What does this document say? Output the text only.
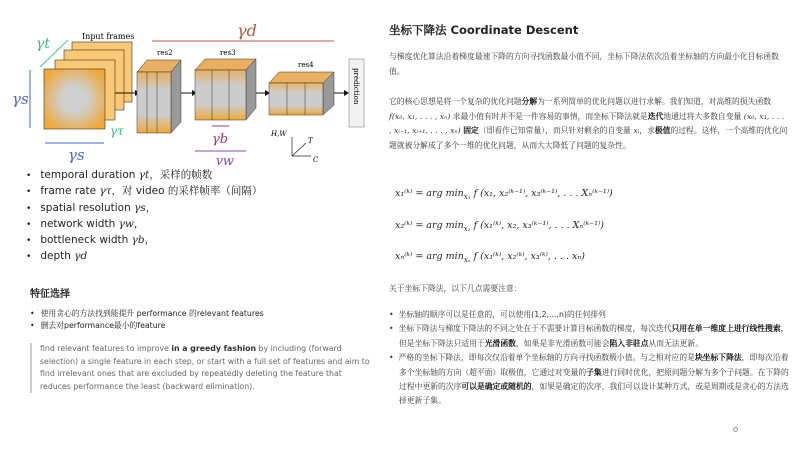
Input frames
γt
γs
γs
γτ
res2	res3
γb
γw
res4
prediction
γd
H,W
T
C
• temporal duration γt，采样的帧数
• frame rate γτ，对 video 的采样帧率（间隔）
• spatial resolution γs，
• network width γw，
• bottleneck width γb，
• depth γd
特征选择
• 使用贪心的方法找到能提升 performance 的relevant features
• 删去对performance最小的feature
find relevant features to improve in a greedy fashion by including (forward selection) a single feature in each step, or start with a full set of features and aim to find irrelevant ones that are excluded by repeatedly deleting the feature that reduces performance the least (backward elimination).
坐标下降法 Coordinate Descent
与梯度优化算法沿着梯度最速下降的方向寻找函数最小值不同，坐标下降法依次沿着坐标轴的方向最小化目标函数值。
它的核心思想是将一个复杂的优化问题分解为一系列简单的优化问题以进行求解。我们知道，对高维的损失函数 f(x₀, x₁, . . . , xₙ) 求最小值有时并不是一件容易的事情，而坐标下降法就是迭代地通过将大多数自变量 (x₀, x₁, . . . , xᵢ₋₁, xᵢ₊₁, . . . , xₙ) 固定（即看作已知常量），而只针对剩余的自变量 xᵢ，求极值的过程。这样，一个高维的优化问题就被分解成了多个一维的优化问题，从而大大降低了问题的复杂性。
x₁⁽ᵏ⁾ = arg $\min_{x_1} f$ (x₁, x₂⁽ᵏ⁻¹⁾, x₃⁽ᵏ⁻¹⁾, . . . Xₙ⁽ᵏ⁻¹⁾)
x₂⁽ᵏ⁾ = arg $\min_{x_2} f$ (x₁⁽ᵏ⁾, x₂, x₃⁽ᵏ⁻¹⁾, . . . Xₙ⁽ᵏ⁻¹⁾)
xₙ⁽ᵏ⁾ = arg $\min_{x_n} f$ (x₁⁽ᵏ⁾, x₂⁽ᵏ⁾, x₃⁽ᵏ⁾, . . . xₙ)
关于坐标下降法，以下几点需要注意：
• 坐标轴的顺序可以是任意的，可以使用(1,2,...,n)的任何排列
• 坐标下降法与梯度下降法的不同之处在于不需要计算目标函数的梯度，每次迭代只用在单一维度上进行线性搜索，但是坐标下降法只适用于光滑函数，如果是非光滑函数可能会陷入非驻点从而无法更新。
• 严格的坐标下降法，即每次仅沿着单个坐标轴的方向寻找函数极小值。与之相对应的是块坐标下降法，即每次沿着多个坐标轴的方向（超平面）取极值，它通过对变量的子集进行同时优化，把原问题分解为多个子问题。在下降的过程中更新的次序可以是确定或随机的，如果是确定的次序，我们可以设计某种方式，或是周期或是贪心的方法选择更新子集。
